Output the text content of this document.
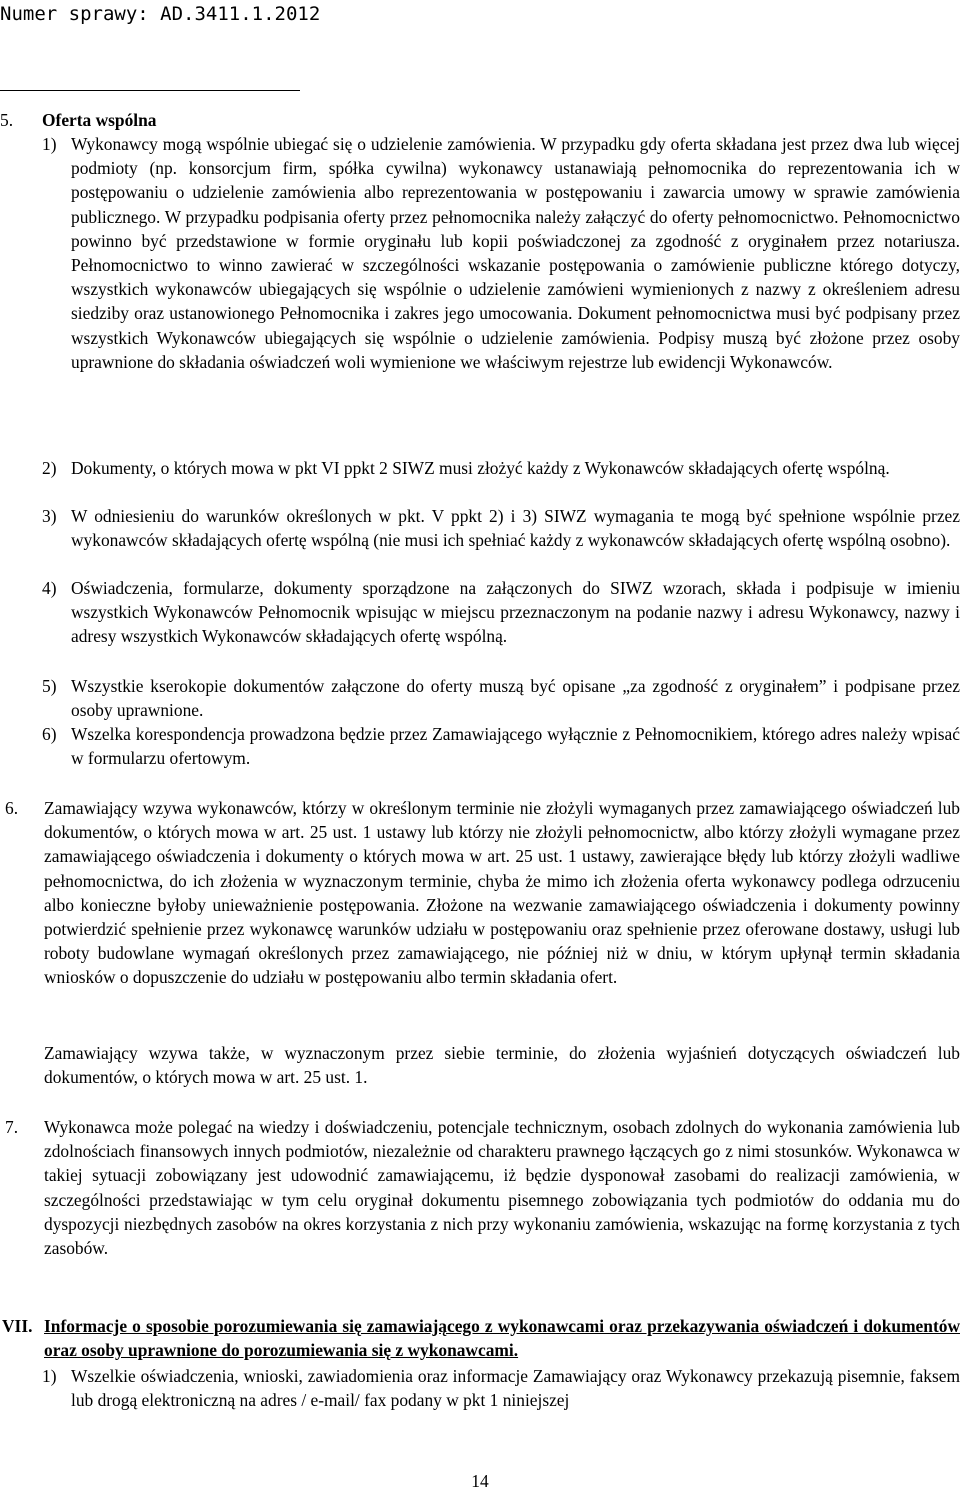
Numer sprawy: AD.3411.1.2012
5. Oferta wspólna
1) Wykonawcy mogą wspólnie ubiegać się o udzielenie zamówienia. W przypadku gdy oferta składana jest przez dwa lub więcej podmioty (np. konsorcjum firm, spółka cywilna) wykonawcy ustanawiają pełnomocnika do reprezentowania ich w postępowaniu o udzielenie zamówienia albo reprezentowania w postępowaniu i zawarcia umowy w sprawie zamówienia publicznego. W przypadku podpisania oferty przez pełnomocnika należy załączyć do oferty pełnomocnictwo. Pełnomocnictwo powinno być przedstawione w formie oryginału lub kopii poświadczonej za zgodność z oryginałem przez notariusza. Pełnomocnictwo to winno zawierać w szczególności wskazanie postępowania o zamówienie publiczne którego dotyczy, wszystkich wykonawców ubiegających się wspólnie o udzielenie zamówieni wymienionych z nazwy z określeniem adresu siedziby oraz ustanowionego Pełnomocnika i zakres jego umocowania. Dokument pełnomocnictwa musi być podpisany przez wszystkich Wykonawców ubiegających się wspólnie o udzielenie zamówienia. Podpisy muszą być złożone przez osoby uprawnione do składania oświadczeń woli wymienione we właściwym rejestrze lub ewidencji Wykonawców.
2) Dokumenty, o których mowa w pkt VI ppkt 2 SIWZ musi złożyć każdy z Wykonawców składających ofertę wspólną.
3) W odniesieniu do warunków określonych w pkt. V ppkt 2) i 3) SIWZ wymagania te mogą być spełnione wspólnie przez wykonawców składających ofertę wspólną (nie musi ich spełniać każdy z wykonawców składających ofertę wspólną osobno).
4) Oświadczenia, formularze, dokumenty sporządzone na załączonych do SIWZ wzorach, składa i podpisuje w imieniu wszystkich Wykonawców Pełnomocnik wpisując w miejscu przeznaczonym na podanie nazwy i adresu Wykonawcy, nazwy i adresy wszystkich Wykonawców składających ofertę wspólną.
5) Wszystkie kserokopie dokumentów załączone do oferty muszą być opisane „za zgodność z oryginałem” i podpisane przez osoby uprawnione.
6) Wszelka korespondencja prowadzona będzie przez Zamawiającego wyłącznie z Pełnomocnikiem, którego adres należy wpisać w formularzu ofertowym.
6. Zamawiający wzywa wykonawców, którzy w określonym terminie nie złożyli wymaganych przez zamawiającego oświadczeń lub dokumentów, o których mowa w art. 25 ust. 1 ustawy lub którzy nie złożyli pełnomocnictw, albo którzy złożyli wymagane przez zamawiającego oświadczenia i dokumenty o których mowa w art. 25 ust. 1 ustawy, zawierające błędy lub którzy złożyli wadliwe pełnomocnictwa, do ich złożenia w wyznaczonym terminie, chyba że mimo ich złożenia oferta wykonawcy podlega odrzuceniu albo konieczne byłoby unieważnienie postępowania. Złożone na wezwanie zamawiającego oświadczenia i dokumenty powinny potwierdzić spełnienie przez wykonawcę warunków udziału w postępowaniu oraz spełnienie przez oferowane dostawy, usługi lub roboty budowlane wymagań określonych przez zamawiającego, nie później niż w dniu, w którym upłynął termin składania wniosków o dopuszczenie do udziału w postępowaniu albo termin składania ofert.
Zamawiający wzywa także, w wyznaczonym przez siebie terminie, do złożenia wyjaśnień dotyczących oświadczeń lub dokumentów, o których mowa w art. 25 ust. 1.
7. Wykonawca może polegać na wiedzy i doświadczeniu, potencjale technicznym, osobach zdolnych do wykonania zamówienia lub zdolnościach finansowych innych podmiotów, niezależnie od charakteru prawnego łączących go z nimi stosunków. Wykonawca w takiej sytuacji zobowiązany jest udowodnić zamawiającemu, iż będzie dysponował zasobami do realizacji zamówienia, w szczególności przedstawiając w tym celu oryginał dokumentu pisemnego zobowiązania tych podmiotów do oddania mu do dyspozycji niezbędnych zasobów na okres korzystania z nich przy wykonaniu zamówienia, wskazując na formę korzystania z tych zasobów.
VII. Informacje o sposobie porozumiewania się zamawiającego z wykonawcami oraz przekazywania oświadczeń i dokumentów oraz osoby uprawnione do porozumiewania się z wykonawcami.
1) Wszelkie oświadczenia, wnioski, zawiadomienia oraz informacje Zamawiający oraz Wykonawcy przekazują pisemnie, faksem lub drogą elektroniczną na adres / e-mail/ fax podany w pkt 1 niniejszej
14
